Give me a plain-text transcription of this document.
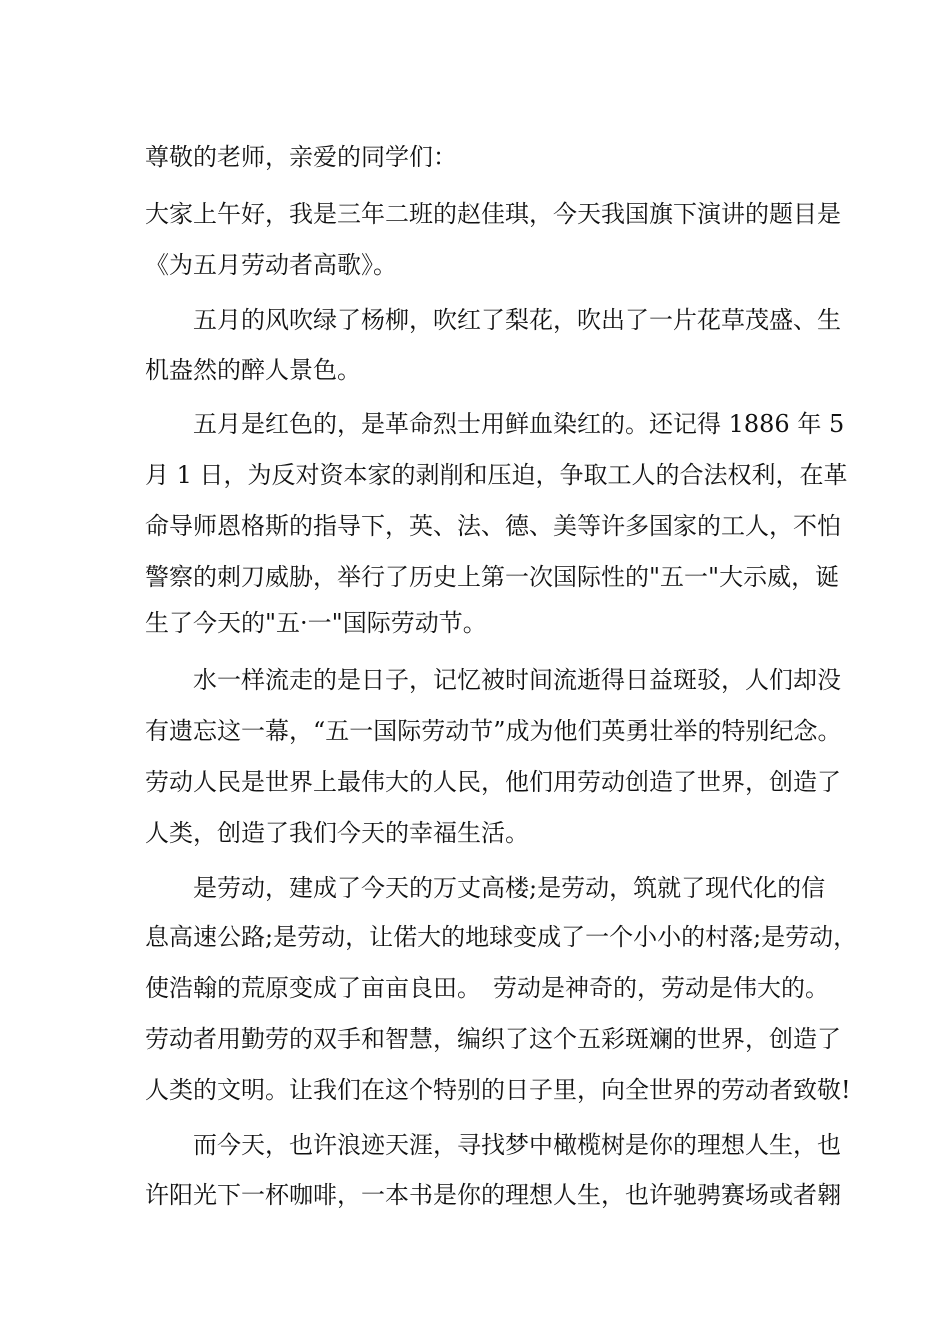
尊敬的老师，亲爱的同学们：

大家上午好，我是三年二班的赵佳琪，今天我国旗下演讲的题目是

《为五月劳动者高歌》。

五月的风吹绿了杨柳，吹红了梨花，吹出了一片花草茂盛、生

机盎然的醉人景色。

五月是红色的，是革命烈士用鲜血染红的。还记得 1886 年 5

月 1 日，为反对资本家的剥削和压迫，争取工人的合法权利，在革

命导师恩格斯的指导下，英、法、德、美等许多国家的工人，不怕

警察的刺刀威胁，举行了历史上第一次国际性的"五一"大示威，诞

生了今天的"五·一"国际劳动节。

水一样流走的是日子，记忆被时间流逝得日益斑驳，人们却没

有遗忘这一幕，“五一国际劳动节”成为他们英勇壮举的特别纪念。

劳动人民是世界上最伟大的人民，他们用劳动创造了世界，创造了

人类，创造了我们今天的幸福生活。

是劳动，建成了今天的万丈高楼;是劳动，筑就了现代化的信

息高速公路;是劳动，让偌大的地球变成了一个小小的村落;是劳动，

使浩翰的荒原变成了亩亩良田。　劳动是神奇的，劳动是伟大的。

劳动者用勤劳的双手和智慧，编织了这个五彩斑斓的世界，创造了

人类的文明。让我们在这个特别的日子里，向全世界的劳动者致敬!

而今天，也许浪迹天涯，寻找梦中橄榄树是你的理想人生，也

许阳光下一杯咖啡，一本书是你的理想人生，也许驰骋赛场或者翱
